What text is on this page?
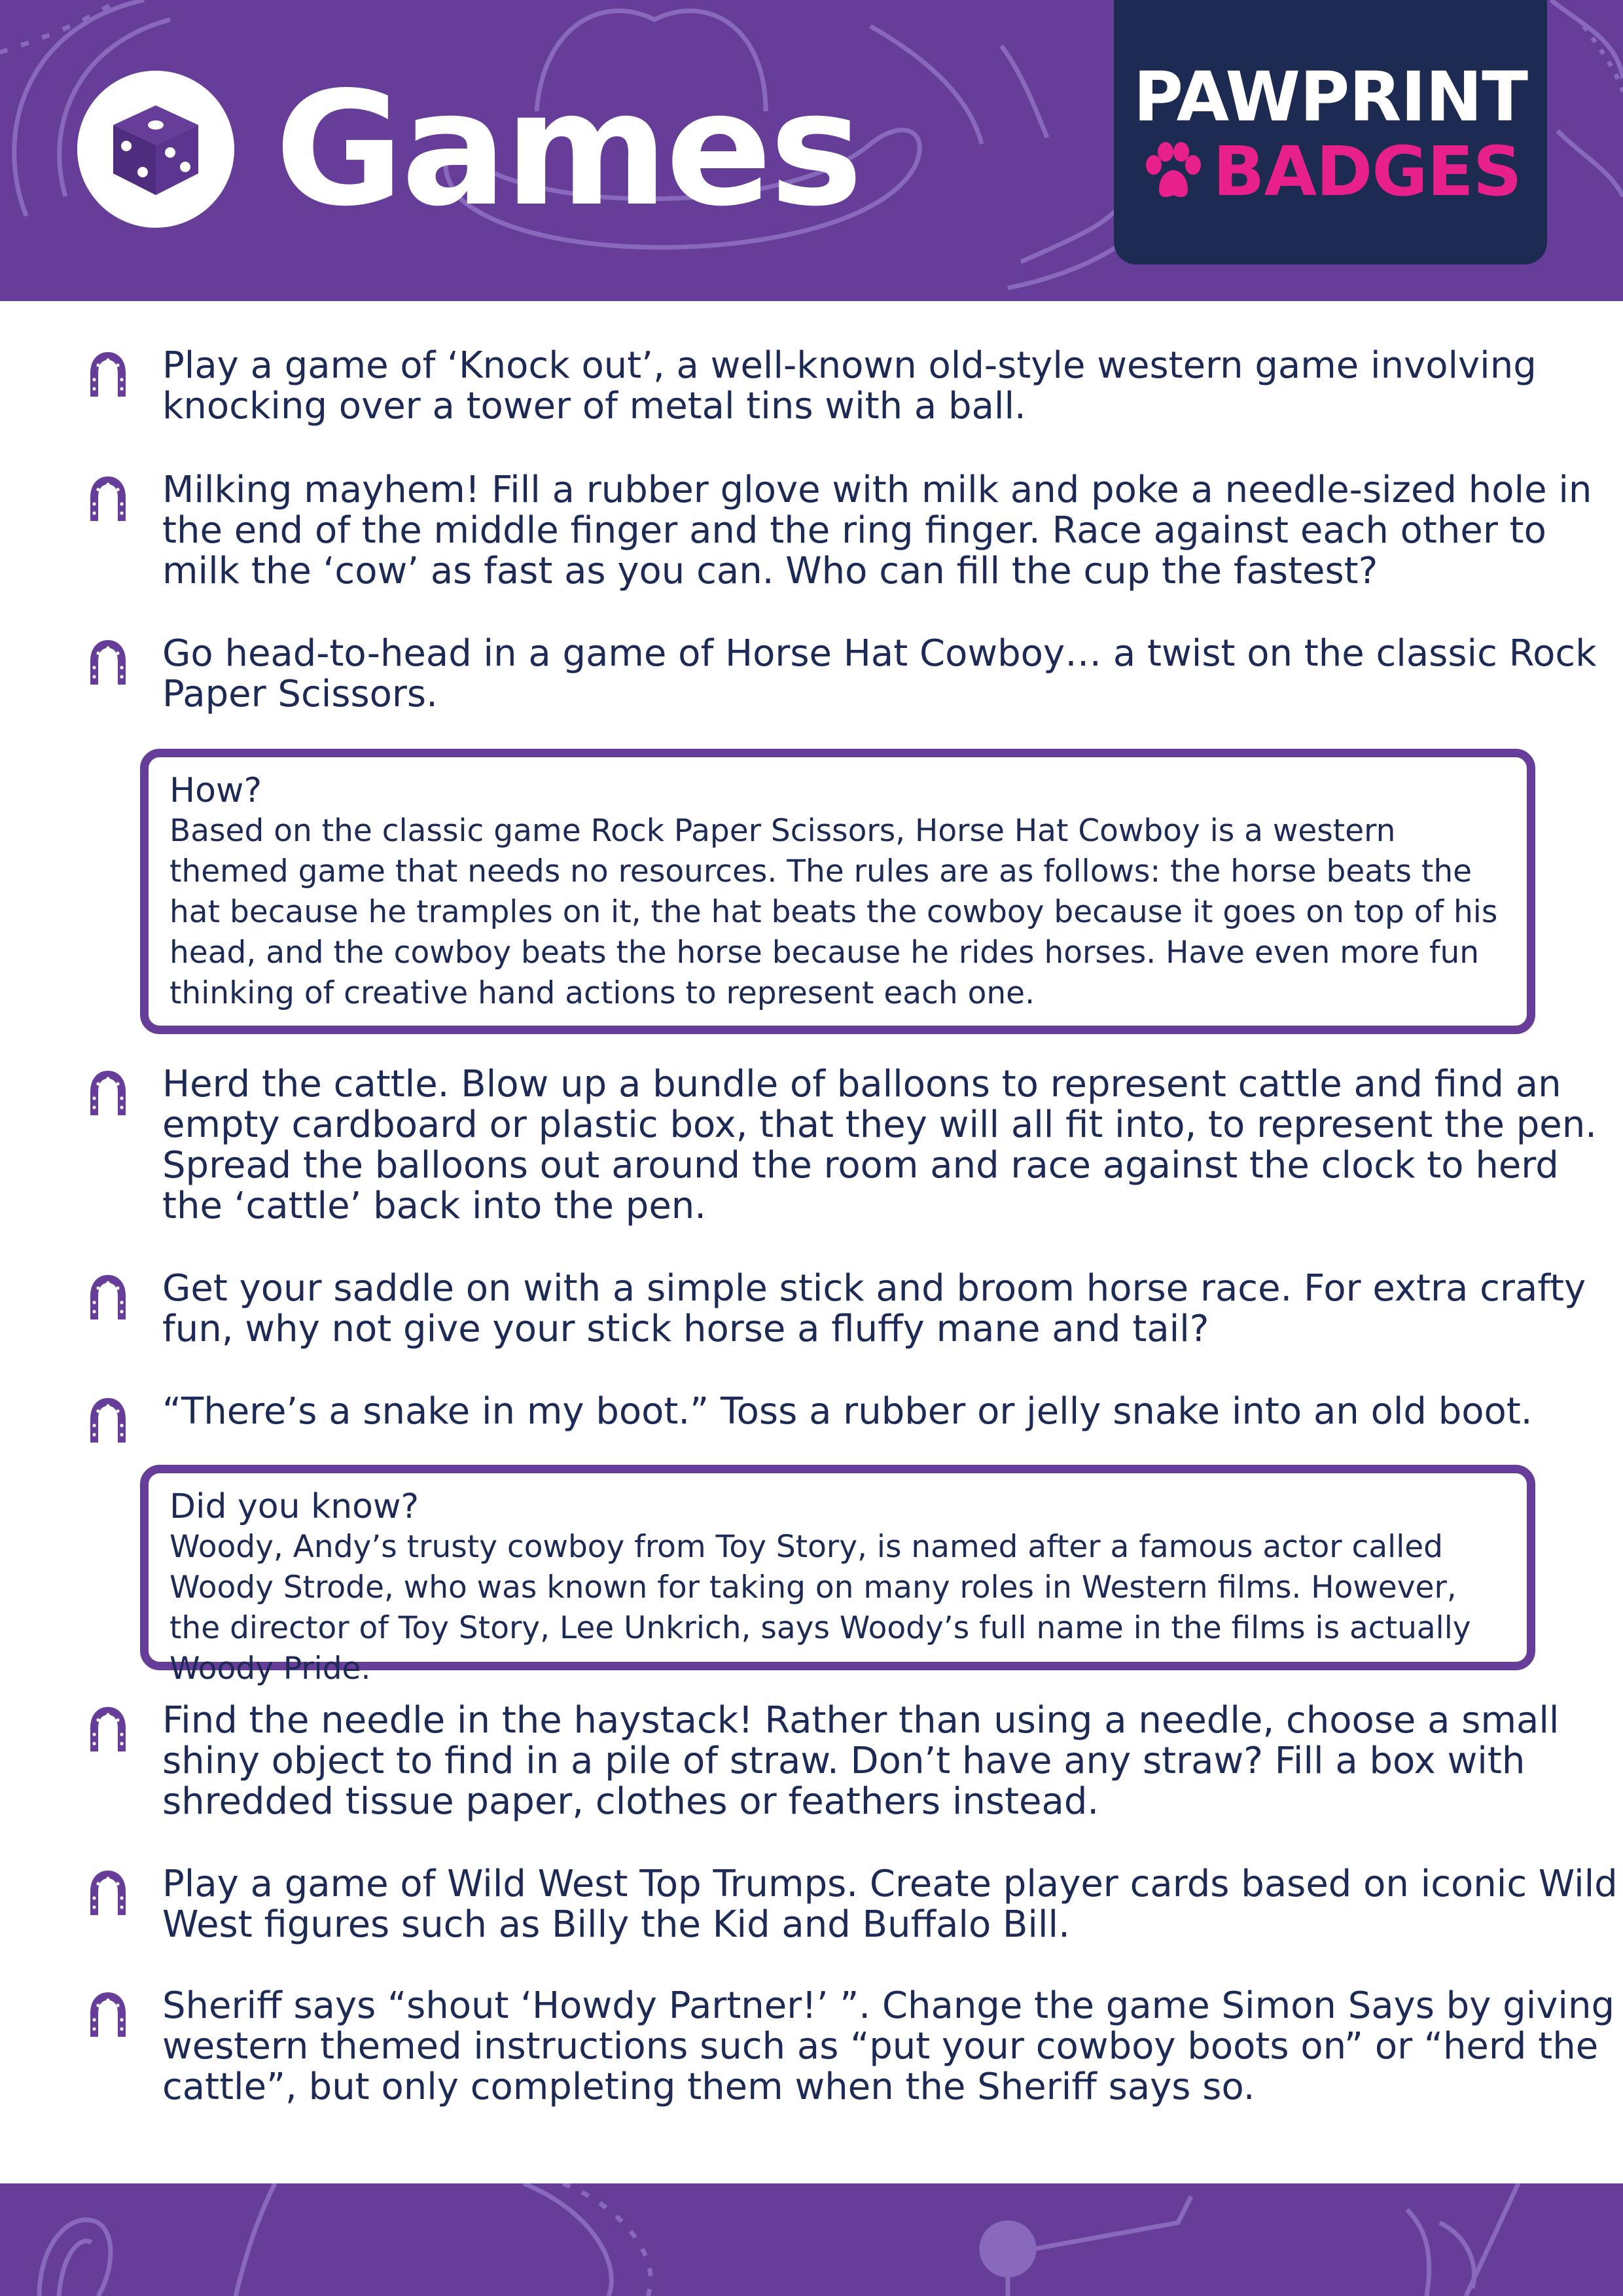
Games	PAWPRINT
BADGES
Play a game of ‘Knock out’, a well-known old-style western game involving knocking over a tower of metal tins with a ball.
Milking mayhem! Fill a rubber glove with milk and poke a needle-sized hole in the end of the middle finger and the ring finger. Race against each other to milk the ‘cow’ as fast as you can. Who can fill the cup the fastest?
Go head-to-head in a game of Horse Hat Cowboy… a twist on the classic Rock Paper Scissors.
How?
Based on the classic game Rock Paper Scissors, Horse Hat Cowboy is a western themed game that needs no resources. The rules are as follows: the horse beats the hat because he tramples on it, the hat beats the cowboy because it goes on top of his head, and the cowboy beats the horse because he rides horses. Have even more fun thinking of creative hand actions to represent each one.
Herd the cattle. Blow up a bundle of balloons to represent cattle and find an empty cardboard or plastic box, that they will all fit into, to represent the pen. Spread the balloons out around the room and race against the clock to herd the ‘cattle’ back into the pen.
Get your saddle on with a simple stick and broom horse race. For extra crafty fun, why not give your stick horse a fluffy mane and tail?
“There’s a snake in my boot.” Toss a rubber or jelly snake into an old boot.
Did you know?
Woody, Andy’s trusty cowboy from Toy Story, is named after a famous actor called Woody Strode, who was known for taking on many roles in Western films. However, the director of Toy Story, Lee Unkrich, says Woody’s full name in the films is actually Woody Pride.
Find the needle in the haystack! Rather than using a needle, choose a small shiny object to find in a pile of straw. Don’t have any straw? Fill a box with shredded tissue paper, clothes or feathers instead.
Play a game of Wild West Top Trumps. Create player cards based on iconic Wild West figures such as Billy the Kid and Buffalo Bill.
Sheriff says “shout ‘Howdy Partner!’ ”. Change the game Simon Says by giving western themed instructions such as “put your cowboy boots on” or “herd the cattle”, but only completing them when the Sheriff says so.
